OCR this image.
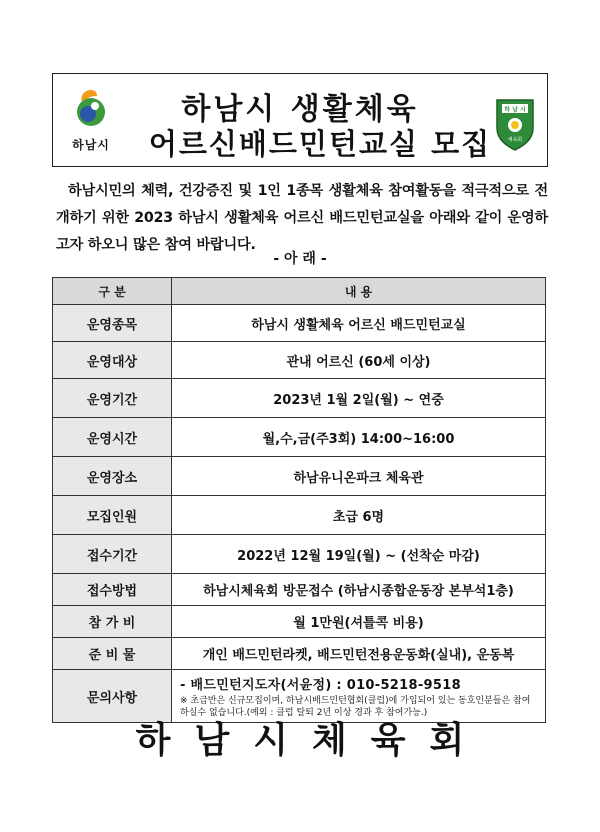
하남시
하남시 생활체육
어르신배드민턴교실 모집
하 남 시
체육회

하남시민의 체력, 건강증진 및 1인 1종목 생활체육 참여활동을 적극적으로 전개하기 위한 2023 하남시 생활체육 어르신 배드민턴교실을 아래와 같이 운영하고자 하오니 많은 참여 바랍니다.

- 아 래 -
구 분	내 용
운영종목	하남시 생활체육 어르신 배드민턴교실
운영대상	관내 어르신 (60세 이상)
운영기간	2023년 1월 2일(월) ~ 연중
운영시간	월,수,금(주3회) 14:00~16:00
운영장소	하남유니온파크 체육관
모집인원	초급 6명
접수기간	2022년 12월 19일(월) ~ (선착순 마감)
접수방법	하남시체육회 방문접수 (하남시종합운동장 본부석1층)
참 가 비	월 1만원(셔틀콕 비용)
준 비 물	개인 배드민턴라켓, 배드민턴전용운동화(실내), 운동복
문의사항	- 배드민턴지도자(서윤정) : 010-5218-9518
※ 초급반은 신규모집이며, 하남시배드민턴협회(클럽)에 가입되어 있는 동호인분들은 참여하실수 없습니다.(예외 : 클럽 탈퇴 2년 이상 경과 후 참여가능.)
하남시체육회
